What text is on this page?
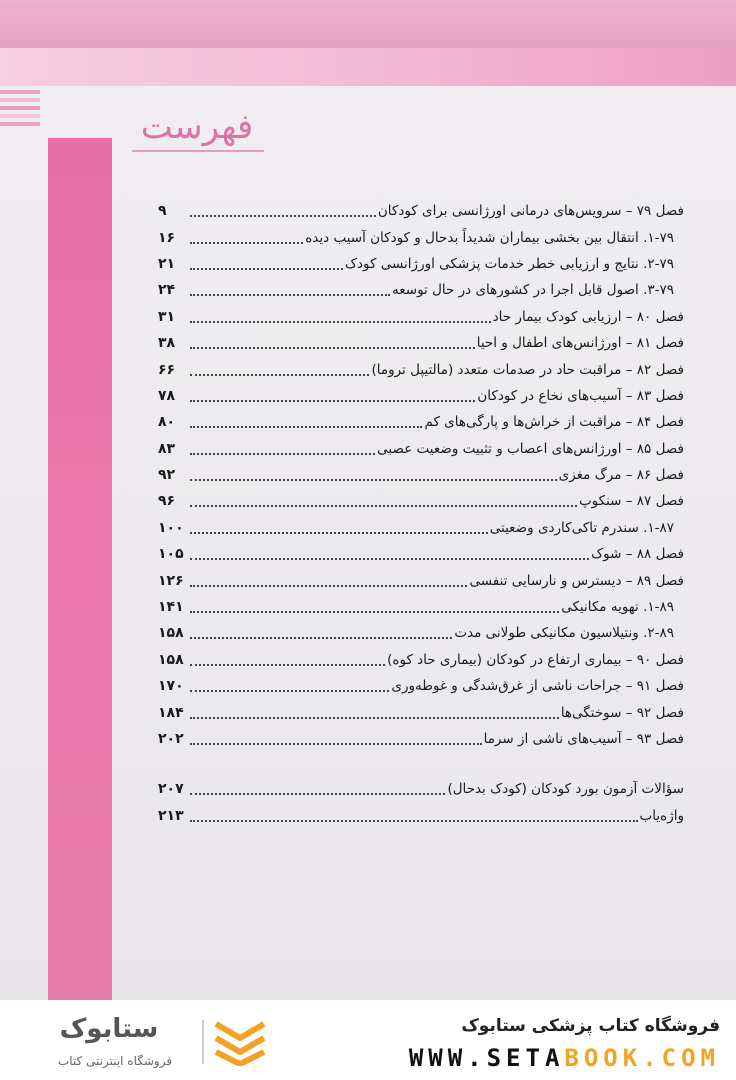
فهرست
فصل ۷۹ – سرویس‌های درمانی اورژانسی برای کودکان
۹
۱-۷۹. انتقال بین بخشی بیماران شدیداً بدحال و کودکان آسیب دیده
۱۶
۲-۷۹. نتایج و ارزیابی خطر خدمات پزشکی اورژانسی کودک
۲۱
۳-۷۹. اصول قابل اجرا در کشورهای در حال توسعه
۲۴
فصل ۸۰ – ارزیابی کودک بیمار حاد
۳۱
فصل ۸۱ – اورژانس‌های اطفال و احیا
۳۸
فصل ۸۲ – مراقبت حاد در صدمات متعدد (مالتیپل تروما)
۶۶
فصل ۸۳ – آسیب‌های نخاع در کودکان
۷۸
فصل ۸۴ – مراقبت از خراش‌ها و پارگی‌های کم
۸۰
فصل ۸۵ – اورژانس‌های اعصاب و تثبیت وضعیت عصبی
۸۳
فصل ۸۶ – مرگ مغزی
۹۲
فصل ۸۷ – سنکوپ
۹۶
۱-۸۷. سندرم تاکی‌کاردی وضعیتی
۱۰۰
فصل ۸۸ – شوک
۱۰۵
فصل ۸۹ – دیسترس و نارسایی تنفسی
۱۲۶
۱-۸۹. تهویه مکانیکی
۱۴۱
۲-۸۹. ونتیلاسیون مکانیکی طولانی مدت
۱۵۸
فصل ۹۰ – بیماری ارتفاع در کودکان (بیماری حاد کوه)
۱۵۸
فصل ۹۱ – جراحات ناشی از غرق‌شدگی و غوطه‌وری
۱۷۰
فصل ۹۲ – سوختگی‌ها
۱۸۴
فصل ۹۳ – آسیب‌های ناشی از سرما
۲۰۲
سؤالات آزمون بورد کودکان (کودک بدحال)
۲۰۷
واژه‌یاب
۲۱۳
ستابوک
فروشگاه اینترنتی کتاب
فروشگاه کتاب پزشکی ستابوک
WWW.SETABOOK.COM
